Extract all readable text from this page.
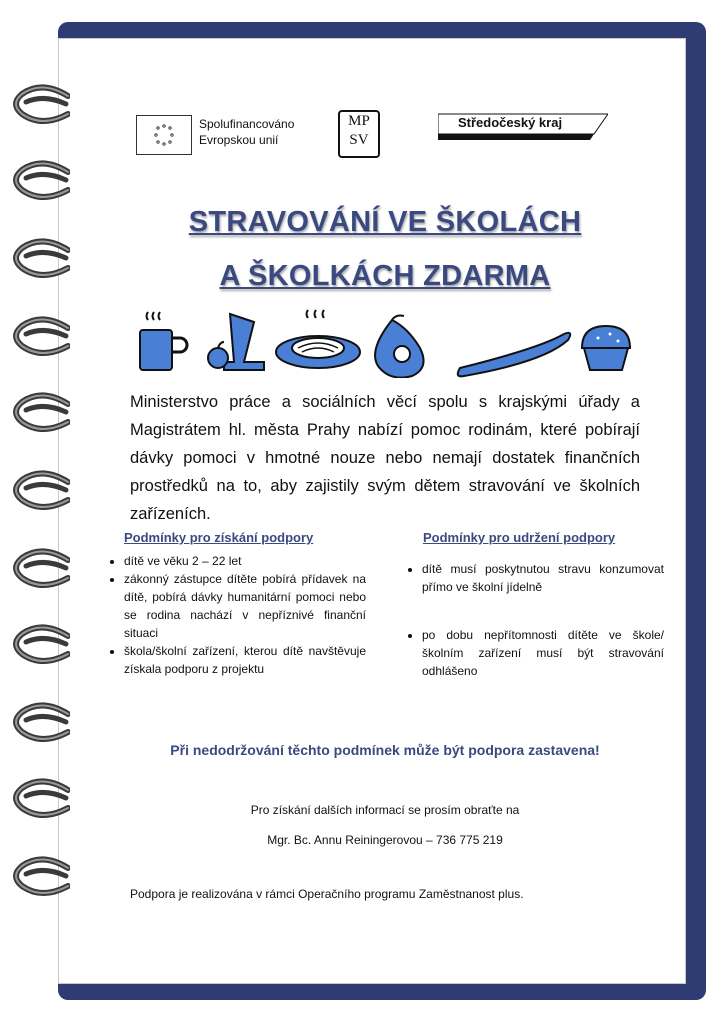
Spolufinancováno
Evropskou unií
MP
SV
Středočeský kraj
STRAVOVÁNÍ VE ŠKOLÁCH
A ŠKOLKÁCH ZDARMA
Ministerstvo práce a sociálních věcí spolu s krajskými úřady a Magistrátem hl. města Prahy nabízí pomoc rodinám, které pobírají dávky pomoci v hmotné nouze nebo nemají dostatek finančních prostředků na to, aby zajistily svým dětem stravování ve školních zařízeních.
Podmínky pro získání podpory
• dítě ve věku 2 – 22 let
• zákonný zástupce dítěte pobírá přídavek na dítě, pobírá dávky humanitární pomoci nebo se rodina nachází v nepříznivé finanční situaci
• škola/školní zařízení, kterou dítě navštěvuje získala podporu z projektu
Podmínky pro udržení podpory
• dítě musí poskytnutou stravu konzumovat přímo ve školní jídelně
• po dobu nepřítomnosti dítěte ve škole/školním zařízení musí být stravování odhlášeno
Při nedodržování těchto podmínek může být podpora zastavena!
Pro získání dalších informací se prosím obraťte na
Mgr. Bc. Annu Reiningerovou – 736 775 219
Podpora je realizována v rámci Operačního programu Zaměstnanost plus.
